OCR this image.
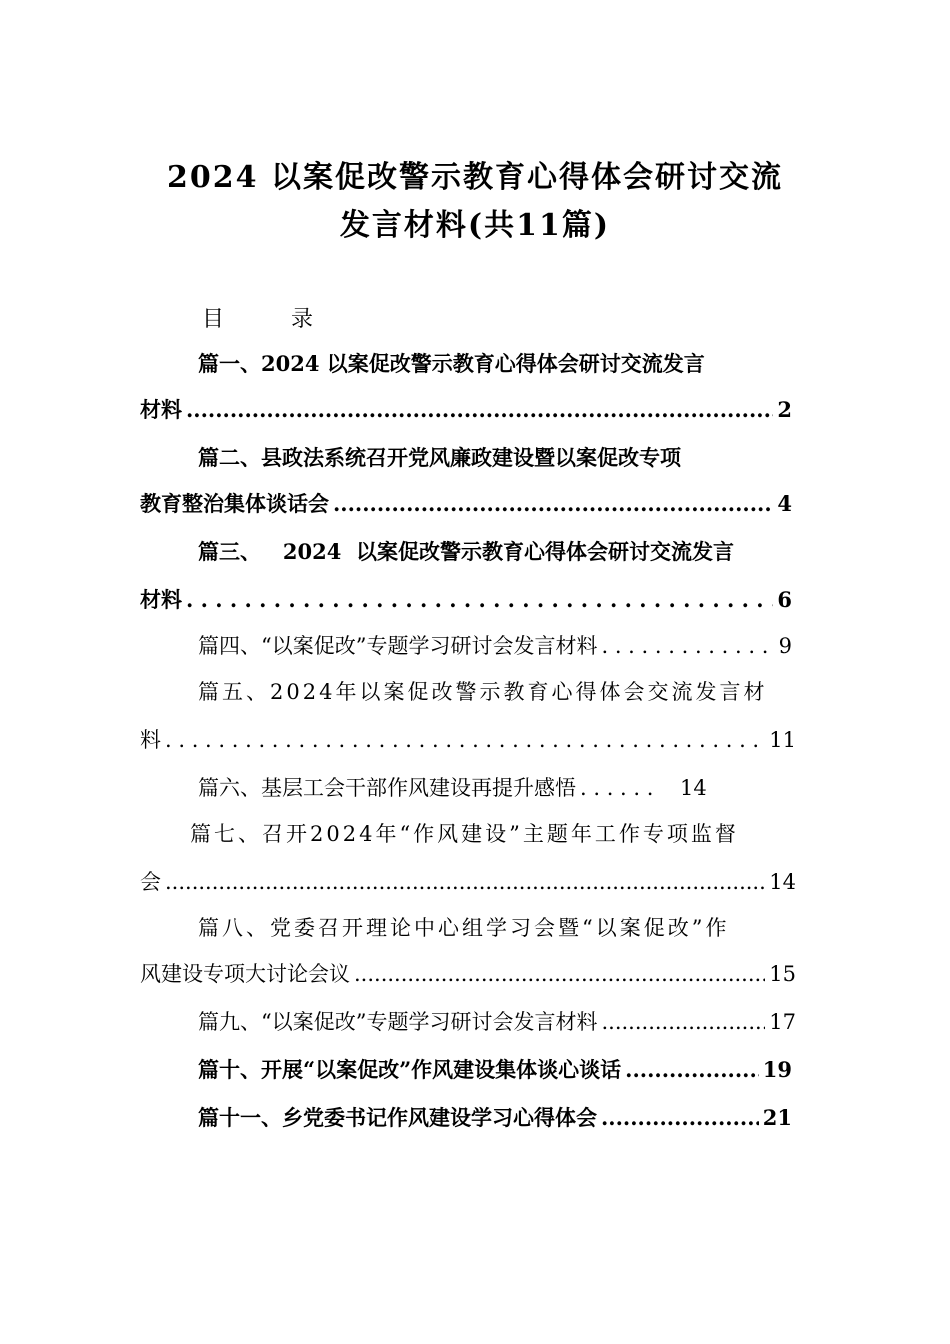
2024 以案促改警示教育心得体会研讨交流
发言材料(共11篇)
目 录
篇一、2024 以案促改警示教育心得体会研讨交流发言
材料 .....	2
篇二、县政法系统召开党风廉政建设暨以案促改专项
教育整治集体谈话会 .....	4
篇三、   2024  以案促改警示教育心得体会研讨交流发言
材料 . . .	6
篇四、“以案促改”专题学习研讨会发言材料 . . .	9
篇五、2024年以案促改警示教育心得体会交流发言材
料 . . .	11
篇六、基层工会干部作风建设再提升感悟 . . .	14
篇七、召开2024年“作风建设”主题年工作专项监督
会 .....	14
篇八、党委召开理论中心组学习会暨“以案促改”作
风建设专项大讨论会议 .....	15
篇九、“以案促改”专题学习研讨会发言材料 .....	17
篇十、开展“以案促改”作风建设集体谈心谈话 .....	19
篇十一、乡党委书记作风建设学习心得体会 .....	21
